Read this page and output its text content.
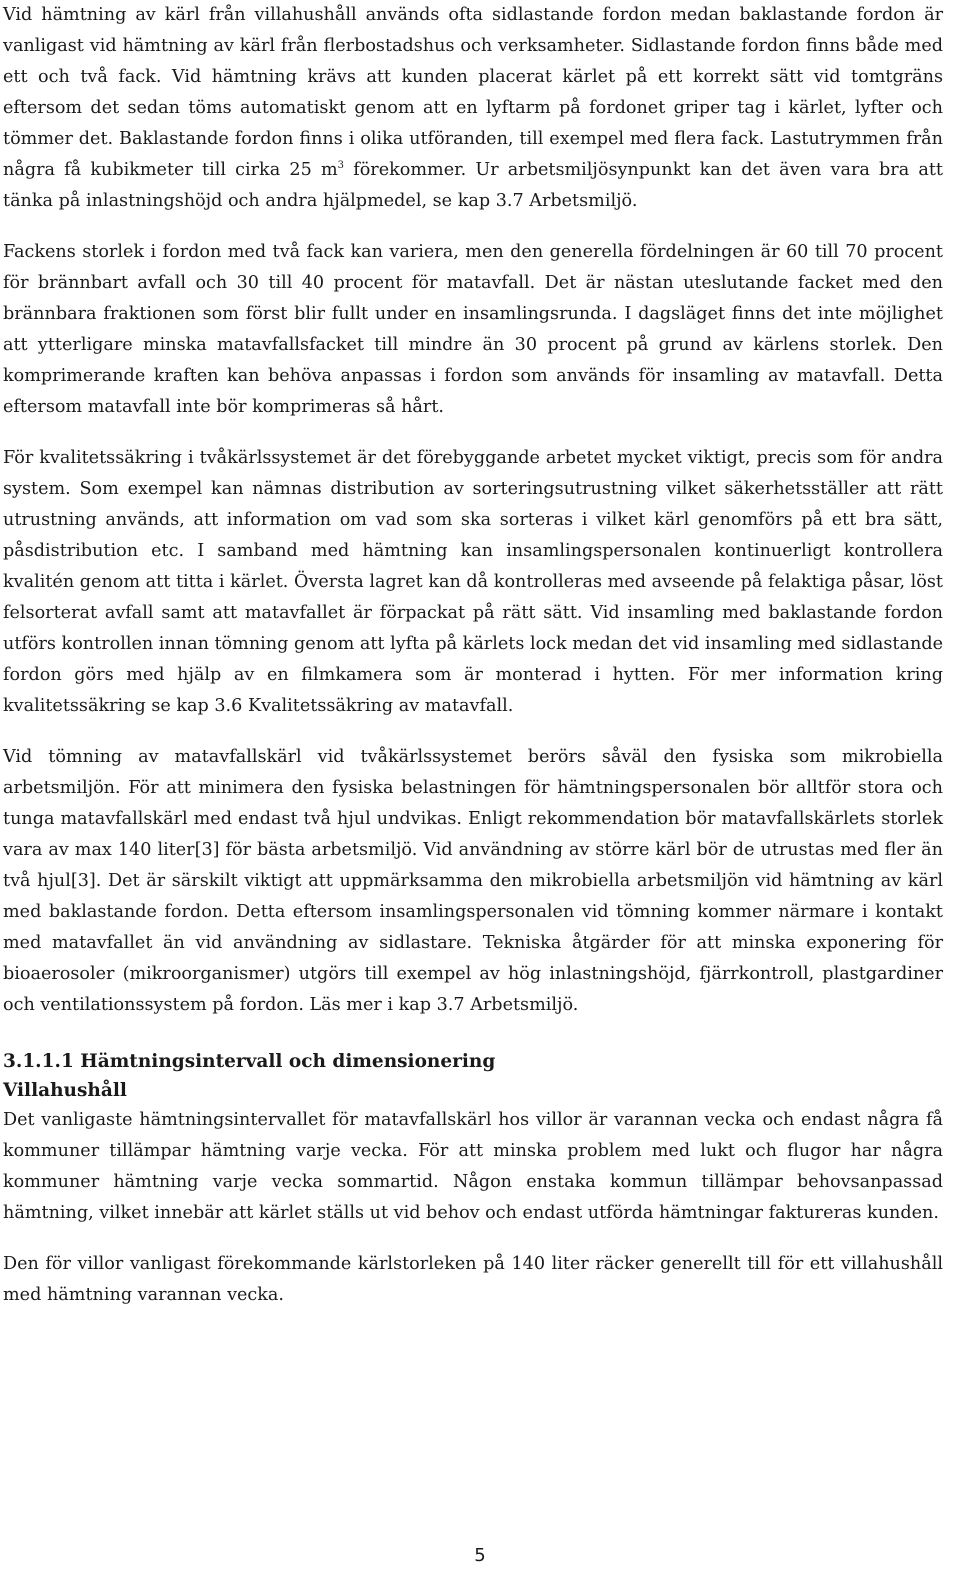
Vid hämtning av kärl från villahushåll används ofta sidlastande fordon medan baklastande fordon är vanligast vid hämtning av kärl från flerbostadshus och verksamheter. Sidlastande fordon finns både med ett och två fack. Vid hämtning krävs att kunden placerat kärlet på ett korrekt sätt vid tomtgräns eftersom det sedan töms automatiskt genom att en lyftarm på fordonet griper tag i kärlet, lyfter och tömmer det. Baklastande fordon finns i olika utföranden, till exempel med flera fack. Lastutrymmen från några få kubikmeter till cirka 25 $m^3$ förekommer. Ur arbetsmiljösynpunkt kan det även vara bra att tänka på inlastningshöjd och andra hjälpmedel, se kap 3.7 Arbetsmiljö.

Fackens storlek i fordon med två fack kan variera, men den generella fördelningen är 60 till 70 procent för brännbart avfall och 30 till 40 procent för matavfall. Det är nästan uteslutande facket med den brännbara fraktionen som först blir fullt under en insamlingsrunda. I dagsläget finns det inte möjlighet att ytterligare minska matavfallsfacket till mindre än 30 procent på grund av kärlens storlek. Den komprimerande kraften kan behöva anpassas i fordon som används för insamling av matavfall. Detta eftersom matavfall inte bör komprimeras så hårt.

För kvalitetssäkring i tvåkärlssystemet är det förebyggande arbetet mycket viktigt, precis som för andra system. Som exempel kan nämnas distribution av sorteringsutrustning vilket säkerhetsställer att rätt utrustning används, att information om vad som ska sorteras i vilket kärl genomförs på ett bra sätt, påsdistribution etc. I samband med hämtning kan insamlingspersonalen kontinuerligt kontrollera kvalitén genom att titta i kärlet. Översta lagret kan då kontrolleras med avseende på felaktiga påsar, löst felsorterat avfall samt att matavfallet är förpackat på rätt sätt. Vid insamling med baklastande fordon utförs kontrollen innan tömning genom att lyfta på kärlets lock medan det vid insamling med sidlastande fordon görs med hjälp av en filmkamera som är monterad i hytten. För mer information kring kvalitetssäkring se kap 3.6 Kvalitetssäkring av matavfall.

Vid tömning av matavfallskärl vid tvåkärlssystemet berörs såväl den fysiska som mikrobiella arbetsmiljön. För att minimera den fysiska belastningen för hämtningspersonalen bör alltför stora och tunga matavfallskärl med endast två hjul undvikas. Enligt rekommendation bör matavfallskärlets storlek vara av max 140 liter[3] för bästa arbetsmiljö. Vid användning av större kärl bör de utrustas med fler än två hjul[3]. Det är särskilt viktigt att uppmärksamma den mikrobiella arbetsmiljön vid hämtning av kärl med baklastande fordon. Detta eftersom insamlingspersonalen vid tömning kommer närmare i kontakt med matavfallet än vid användning av sidlastare. Tekniska åtgärder för att minska exponering för bioaerosoler (mikroorganismer) utgörs till exempel av hög inlastningshöjd, fjärrkontroll, plastgardiner och ventilationssystem på fordon. Läs mer i kap 3.7 Arbetsmiljö.

3.1.1.1 Hämtningsintervall och dimensionering
Villahushåll

Det vanligaste hämtningsintervallet för matavfallskärl hos villor är varannan vecka och endast några få kommuner tillämpar hämtning varje vecka. För att minska problem med lukt och flugor har några kommuner hämtning varje vecka sommartid. Någon enstaka kommun tillämpar behovsanpassad hämtning, vilket innebär att kärlet ställs ut vid behov och endast utförda hämtningar faktureras kunden.

Den för villor vanligast förekommande kärlstorleken på 140 liter räcker generellt till för ett villahushåll med hämtning varannan vecka.

5
